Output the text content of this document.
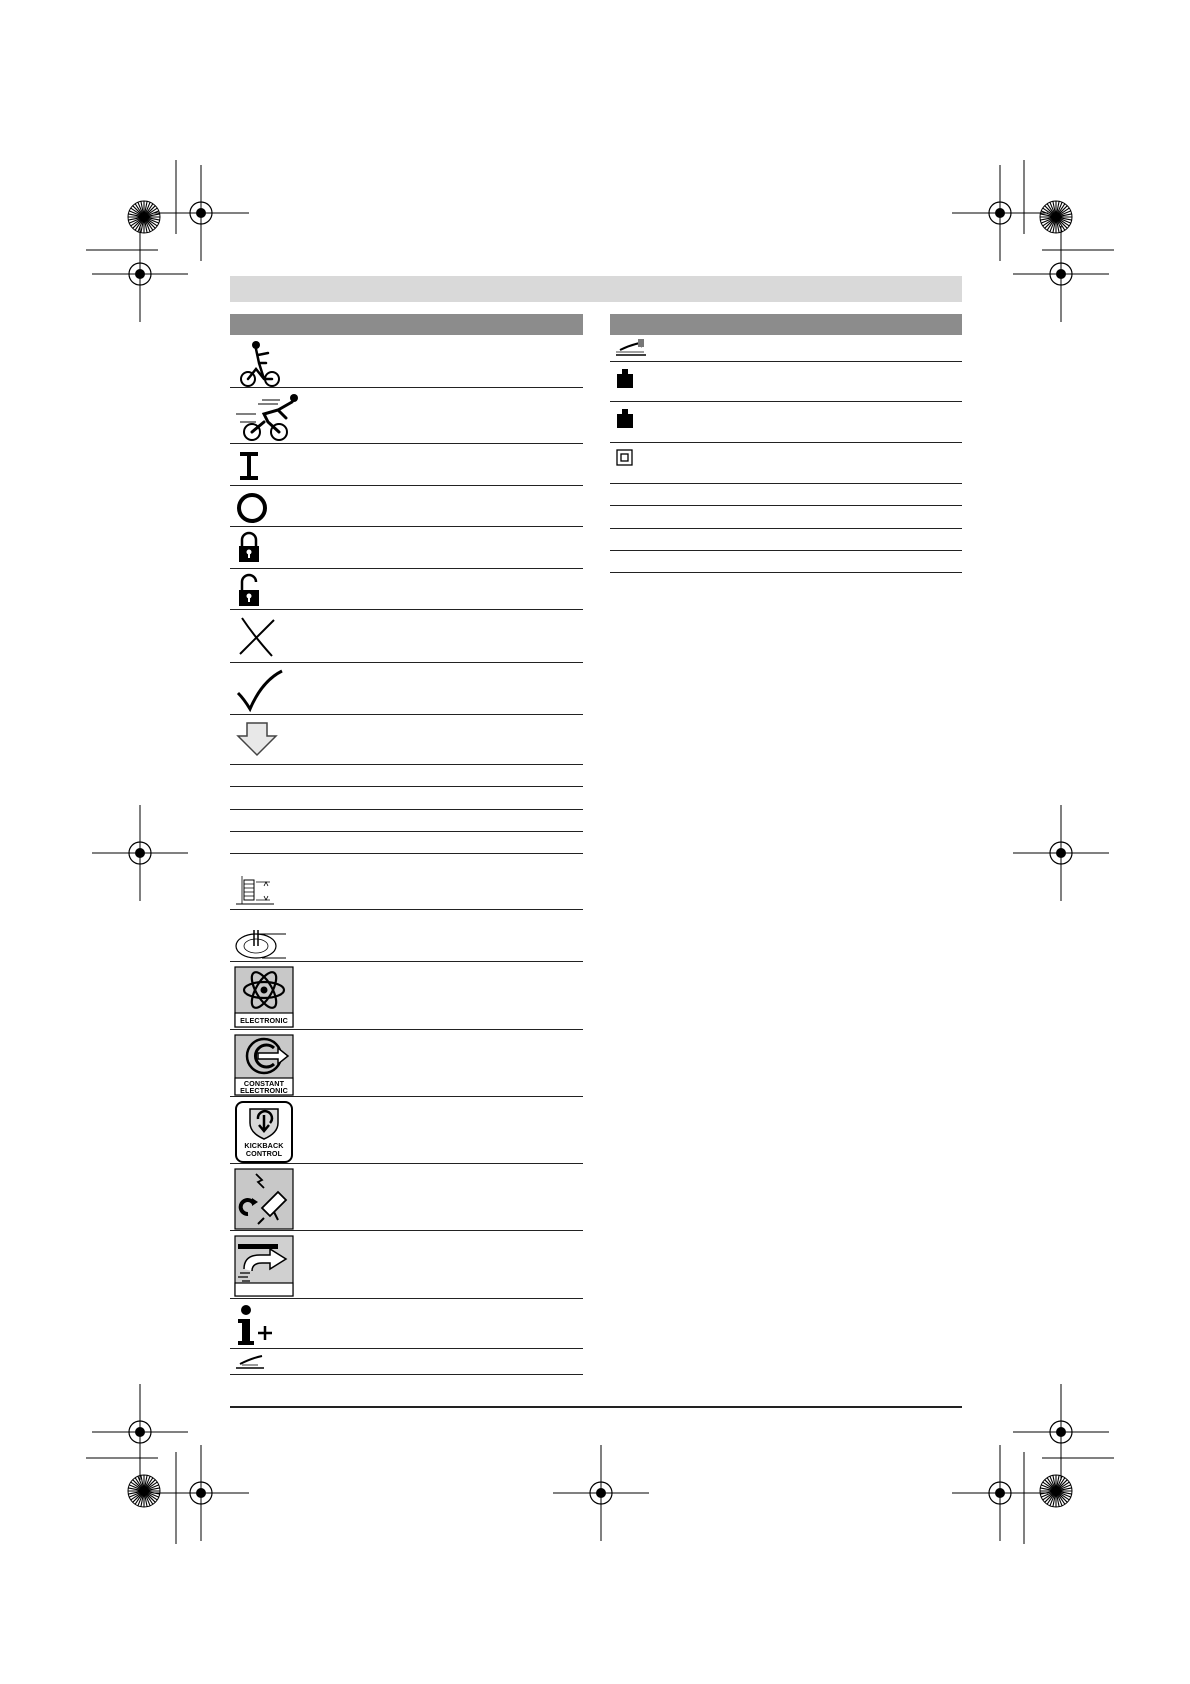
ELECTRONIC
CONSTANT
ELECTRONIC
KICKBACK
CONTROL
